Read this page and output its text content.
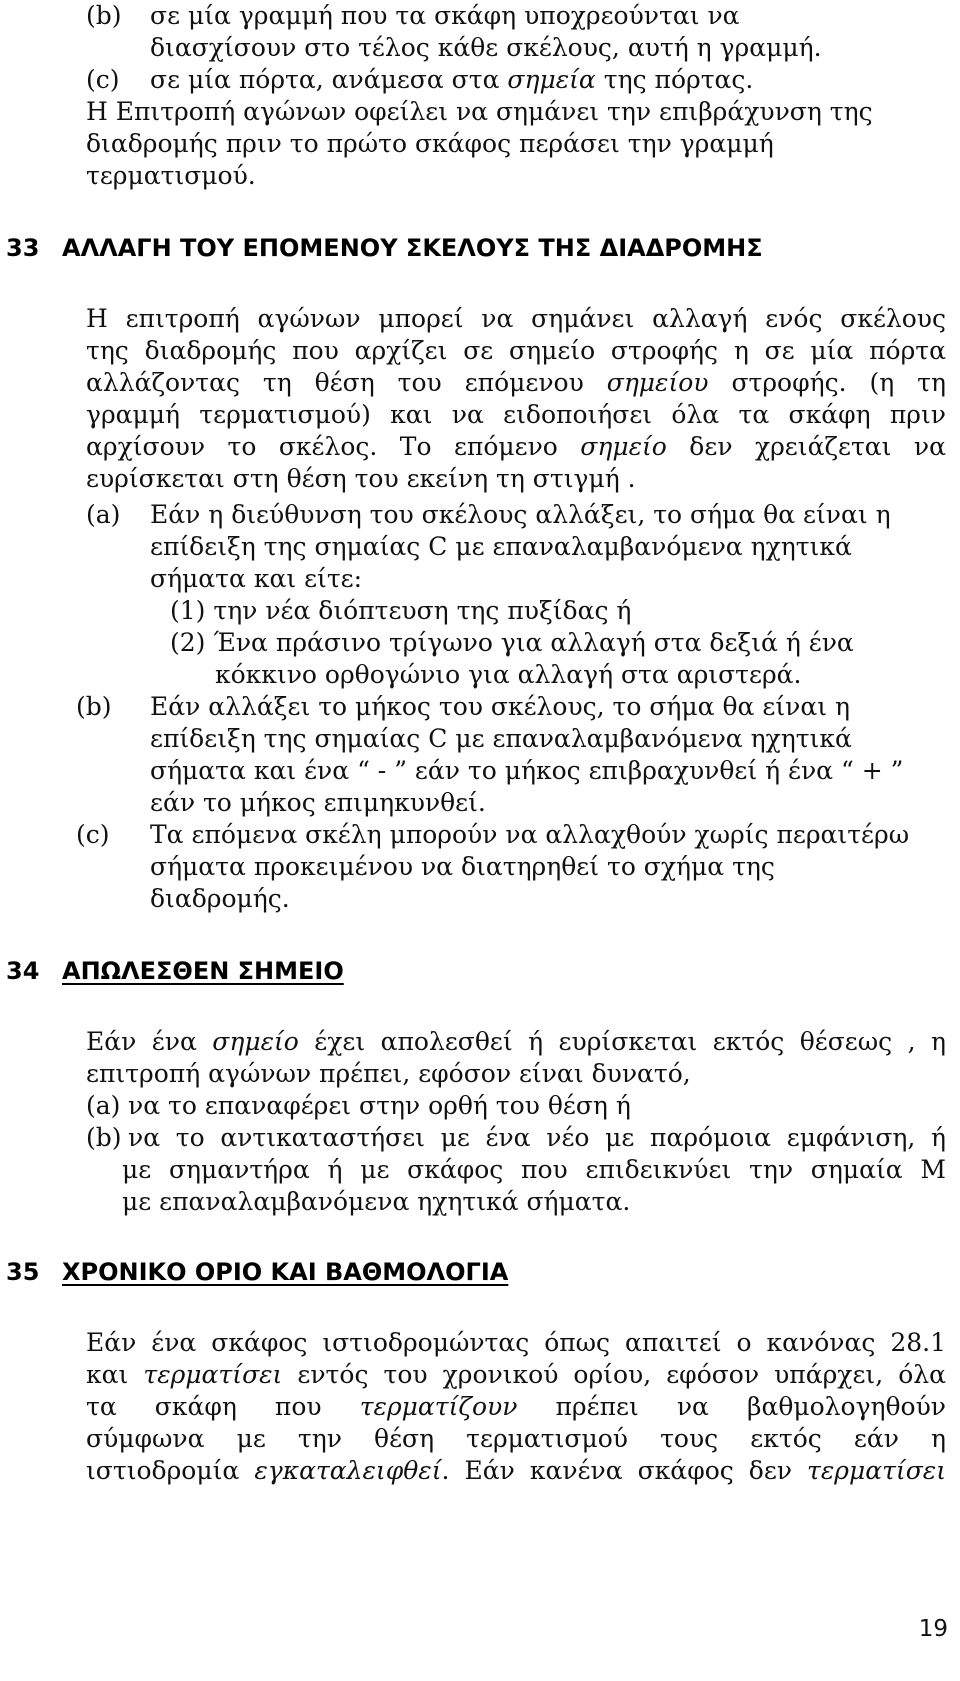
(b) σε μία γραμμή που τα σκάφη υποχρεούνται να
διασχίσουν στο τέλος κάθε σκέλους, αυτή η γραμμή.
(c) σε μία πόρτα, ανάμεσα στα σημεία της πόρτας.
Η Επιτροπή αγώνων οφείλει να σημάνει την επιβράχυνση της
διαδρομής πριν το πρώτο σκάφος περάσει την γραμμή
τερματισμού.
33 ΑΛΛΑΓΗ ΤΟΥ ΕΠΟΜΕΝΟΥ ΣΚΕΛΟΥΣ ΤΗΣ ΔΙΑΔΡΟΜΗΣ
Η επιτροπή αγώνων μπορεί να σημάνει αλλαγή ενός σκέλους
της διαδρομής που αρχίζει σε σημείο στροφής η σε μία πόρτα
αλλάζοντας τη θέση του επόμενου σημείου στροφής. (η τη
γραμμή τερματισμού) και να ειδοποιήσει όλα τα σκάφη πριν
αρχίσουν το σκέλος. Το επόμενο σημείο δεν χρειάζεται να
ευρίσκεται στη θέση του εκείνη τη στιγμή .
(a) Εάν η διεύθυνση του σκέλους αλλάξει, το σήμα θα είναι η
επίδειξη της σημαίας C με επαναλαμβανόμενα ηχητικά
σήματα και είτε:
(1) την νέα διόπτευση της πυξίδας ή
(2) Ένα πράσινο τρίγωνο για αλλαγή στα δεξιά ή ένα
κόκκινο ορθογώνιο για αλλαγή στα αριστερά.
(b) Εάν αλλάξει το μήκος του σκέλους, το σήμα θα είναι η
επίδειξη της σημαίας C με επαναλαμβανόμενα ηχητικά
σήματα και ένα “ - ” εάν το μήκος επιβραχυνθεί ή ένα “ + ”
εάν το μήκος επιμηκυνθεί.
(c) Τα επόμενα σκέλη μπορούν να αλλαχθούν χωρίς περαιτέρω
σήματα προκειμένου να διατηρηθεί το σχήμα της
διαδρομής.
34 ΑΠΩΛΕΣΘΕΝ ΣΗΜΕΙΟ
Εάν ένα σημείο έχει απολεσθεί ή ευρίσκεται εκτός θέσεως , η
επιτροπή αγώνων πρέπει, εφόσον είναι δυνατό,
(a) να το επαναφέρει στην ορθή του θέση ή
(b) να το αντικαταστήσει με ένα νέο με παρόμοια εμφάνιση, ή
με σημαντήρα ή με σκάφος που επιδεικνύει την σημαία M
με επαναλαμβανόμενα ηχητικά σήματα.
35 ΧΡΟΝΙΚΟ ΟΡΙΟ ΚΑΙ ΒΑΘΜΟΛΟΓΙΑ
Εάν ένα σκάφος ιστιοδρομώντας όπως απαιτεί ο κανόνας 28.1
και τερματίσει εντός του χρονικού ορίου, εφόσον υπάρχει, όλα
τα σκάφη που τερματίζουν πρέπει να βαθμολογηθούν
σύμφωνα με την θέση τερματισμού τους εκτός εάν η
ιστιοδρομία εγκαταλειφθεί. Εάν κανένα σκάφος δεν τερματίσει
19
